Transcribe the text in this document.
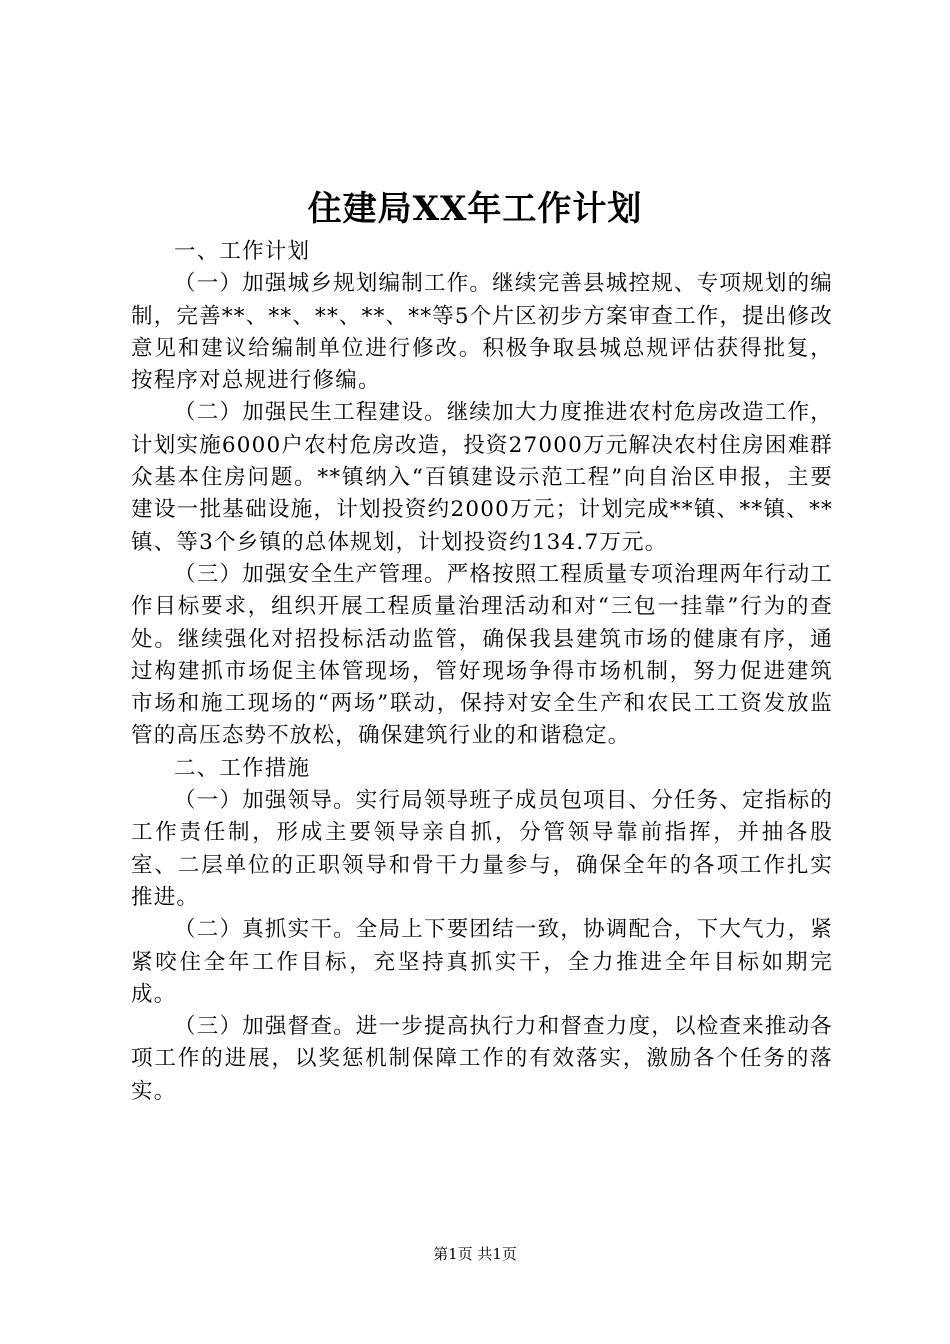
住建局XX年工作计划

一、工作计划

（一）加强城乡规划编制工作。继续完善县城控规、专项规划的编制，完善**、**、**、**、**等5个片区初步方案审查工作，提出修改意见和建议给编制单位进行修改。积极争取县城总规评估获得批复，按程序对总规进行修编。

（二）加强民生工程建设。继续加大力度推进农村危房改造工作，计划实施6000户农村危房改造，投资27000万元解决农村住房困难群众基本住房问题。**镇纳入“百镇建设示范工程”向自治区申报，主要建设一批基础设施，计划投资约2000万元；计划完成**镇、**镇、**镇、等3个乡镇的总体规划，计划投资约134.7万元。

（三）加强安全生产管理。严格按照工程质量专项治理两年行动工作目标要求，组织开展工程质量治理活动和对“三包一挂靠”行为的查处。继续强化对招投标活动监管，确保我县建筑市场的健康有序，通过构建抓市场促主体管现场，管好现场争得市场机制，努力促进建筑市场和施工现场的“两场”联动，保持对安全生产和农民工工资发放监管的高压态势不放松，确保建筑行业的和谐稳定。

二、工作措施

（一）加强领导。实行局领导班子成员包项目、分任务、定指标的工作责任制，形成主要领导亲自抓，分管领导靠前指挥，并抽各股室、二层单位的正职领导和骨干力量参与，确保全年的各项工作扎实推进。

（二）真抓实干。全局上下要团结一致，协调配合，下大气力，紧紧咬住全年工作目标，充坚持真抓实干，全力推进全年目标如期完成。

（三）加强督查。进一步提高执行力和督查力度，以检查来推动各项工作的进展，以奖惩机制保障工作的有效落实，激励各个任务的落实。

第1页 共1页
